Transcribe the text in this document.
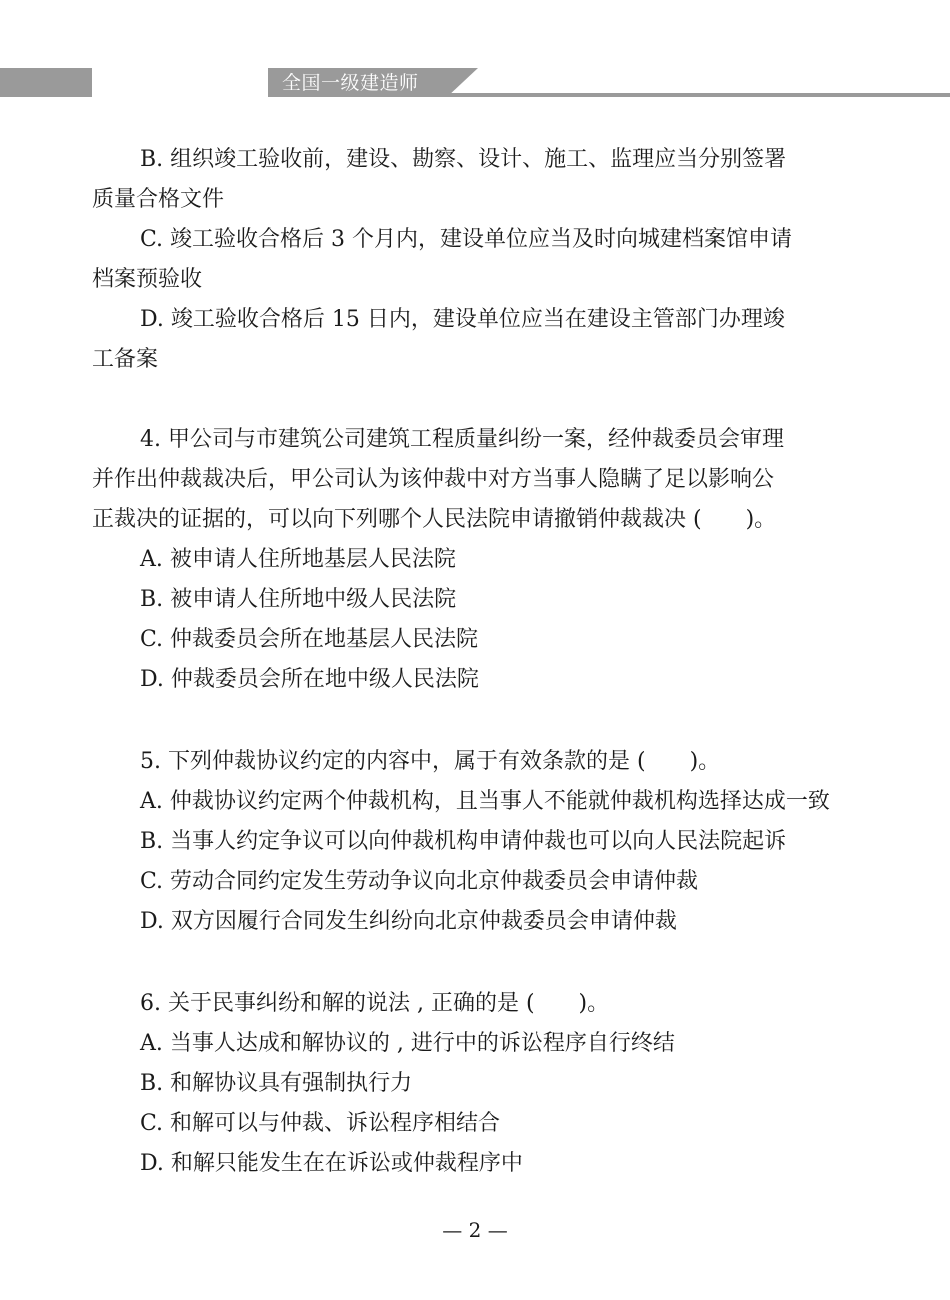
全国一级建造师
B. 组织竣工验收前，建设、勘察、设计、施工、监理应当分别签署
质量合格文件
C. 竣工验收合格后 3 个月内，建设单位应当及时向城建档案馆申请
档案预验收
D. 竣工验收合格后 15 日内，建设单位应当在建设主管部门办理竣
工备案
4. 甲公司与市建筑公司建筑工程质量纠纷一案，经仲裁委员会审理
并作出仲裁裁决后，甲公司认为该仲裁中对方当事人隐瞒了足以影响公
正裁决的证据的，可以向下列哪个人民法院申请撤销仲裁裁决 ( )。
A. 被申请人住所地基层人民法院
B. 被申请人住所地中级人民法院
C. 仲裁委员会所在地基层人民法院
D. 仲裁委员会所在地中级人民法院
5. 下列仲裁协议约定的内容中，属于有效条款的是 ( )。
A. 仲裁协议约定两个仲裁机构，且当事人不能就仲裁机构选择达成一致
B. 当事人约定争议可以向仲裁机构申请仲裁也可以向人民法院起诉
C. 劳动合同约定发生劳动争议向北京仲裁委员会申请仲裁
D. 双方因履行合同发生纠纷向北京仲裁委员会申请仲裁
6. 关于民事纠纷和解的说法 , 正确的是 ( )。
A. 当事人达成和解协议的 , 进行中的诉讼程序自行终结
B. 和解协议具有强制执行力
C. 和解可以与仲裁、诉讼程序相结合
D. 和解只能发生在在诉讼或仲裁程序中
— 2 —
